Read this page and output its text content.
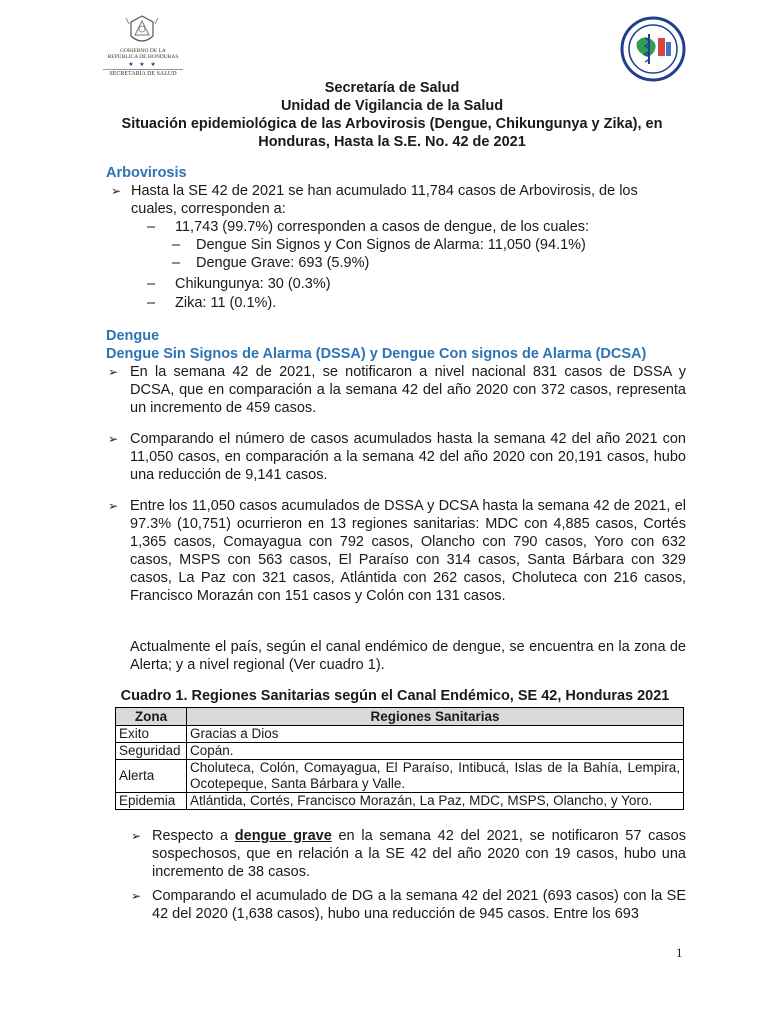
GOBIERNO DE LA
REPÚBLICA DE HONDURAS
★ ★ ★
SECRETARÍA DE SALUD
Secretaría de Salud
Unidad de Vigilancia de la Salud
Situación epidemiológica de las Arbovirosis (Dengue, Chikungunya y Zika), en
Honduras, Hasta la S.E. No. 42 de 2021
Arbovirosis
➢ Hasta la SE 42 de 2021 se han acumulado 11,784 casos de Arbovirosis, de los cuales, corresponden a:
– 11,743 (99.7%) corresponden a casos de dengue, de los cuales:
– Dengue Sin Signos y Con Signos de Alarma: 11,050 (94.1%)
– Dengue Grave: 693 (5.9%)
– Chikungunya: 30 (0.3%)
– Zika: 11 (0.1%).
Dengue
Dengue Sin Signos de Alarma (DSSA) y Dengue Con signos de Alarma (DCSA)
➢ En la semana 42 de 2021, se notificaron a nivel nacional 831 casos de DSSA y DCSA, que en comparación a la semana 42 del año 2020 con 372 casos, representa un incremento de 459 casos.
➢ Comparando el número de casos acumulados hasta la semana 42 del año 2021 con 11,050 casos, en comparación a la semana 42 del año 2020 con 20,191 casos, hubo una reducción de 9,141 casos.
➢ Entre los 11,050 casos acumulados de DSSA y DCSA hasta la semana 42 de 2021, el 97.3% (10,751) ocurrieron en 13 regiones sanitarias: MDC con 4,885 casos, Cortés 1,365 casos, Comayagua con 792 casos, Olancho con 790 casos, Yoro con 632 casos, MSPS con 563 casos, El Paraíso con 314 casos, Santa Bárbara con 329 casos, La Paz con 321 casos, Atlántida con 262 casos, Choluteca con 216 casos, Francisco Morazán con 151 casos y Colón con 131 casos.
Actualmente el país, según el canal endémico de dengue, se encuentra en la zona de Alerta; y a nivel regional (Ver cuadro 1).
Cuadro 1. Regiones Sanitarias según el Canal Endémico, SE 42, Honduras 2021
Zona	Regiones Sanitarias
Exito	Gracias a Dios
Seguridad	Copán.
Alerta	Choluteca, Colón, Comayagua, El Paraíso, Intibucá, Islas de la Bahía, Lempira, Ocotepeque, Santa Bárbara y Valle.
Epidemia	Atlántida, Cortés, Francisco Morazán, La Paz, MDC, MSPS, Olancho, y Yoro.
➢ Respecto a dengue grave en la semana 42 del 2021, se notificaron 57 casos sospechosos, que en relación a la SE 42 del año 2020 con 19 casos, hubo una incremento de 38 casos.
➢ Comparando el acumulado de DG a la semana 42 del 2021 (693 casos) con la SE 42 del 2020 (1,638 casos), hubo una reducción de 945 casos. Entre los 693
1
